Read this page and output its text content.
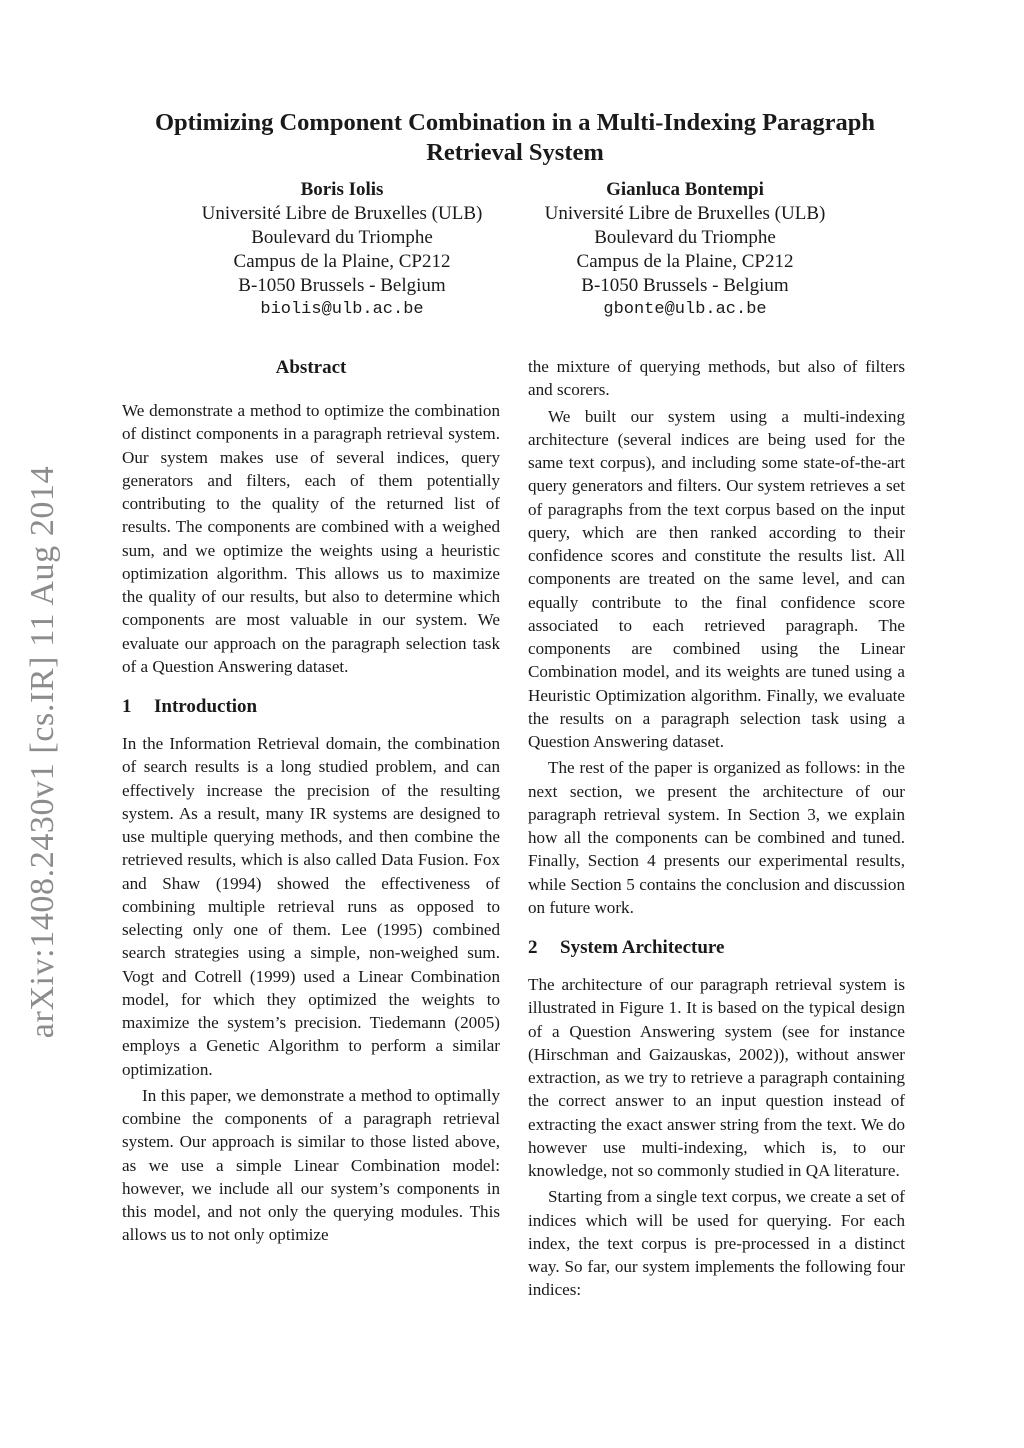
arXiv:1408.2430v1 [cs.IR] 11 Aug 2014
Optimizing Component Combination in a Multi-Indexing Paragraph Retrieval System
Boris Iolis
Université Libre de Bruxelles (ULB)
Boulevard du Triomphe
Campus de la Plaine, CP212
B-1050 Brussels - Belgium
biolis@ulb.ac.be
Gianluca Bontempi
Université Libre de Bruxelles (ULB)
Boulevard du Triomphe
Campus de la Plaine, CP212
B-1050 Brussels - Belgium
gbonte@ulb.ac.be
Abstract

We demonstrate a method to optimize the combination of distinct components in a paragraph retrieval system. Our system makes use of several indices, query generators and filters, each of them potentially contributing to the quality of the returned list of results. The components are combined with a weighed sum, and we optimize the weights using a heuristic optimization algorithm. This allows us to maximize the quality of our results, but also to determine which components are most valuable in our system. We evaluate our approach on the paragraph selection task of a Question Answering dataset.

1 Introduction

In the Information Retrieval domain, the combination of search results is a long studied problem, and can effectively increase the precision of the resulting system. As a result, many IR systems are designed to use multiple querying methods, and then combine the retrieved results, which is also called Data Fusion. Fox and Shaw (1994) showed the effectiveness of combining multiple retrieval runs as opposed to selecting only one of them. Lee (1995) combined search strategies using a simple, non-weighed sum. Vogt and Cotrell (1999) used a Linear Combination model, for which they optimized the weights to maximize the system’s precision. Tiedemann (2005) employs a Genetic Algorithm to perform a similar optimization.

In this paper, we demonstrate a method to optimally combine the components of a paragraph retrieval system. Our approach is similar to those listed above, as we use a simple Linear Combination model: however, we include all our system’s components in this model, and not only the querying modules. This allows us to not only optimize

the mixture of querying methods, but also of filters and scorers.

We built our system using a multi-indexing architecture (several indices are being used for the same text corpus), and including some state-of-the-art query generators and filters. Our system retrieves a set of paragraphs from the text corpus based on the input query, which are then ranked according to their confidence scores and constitute the results list. All components are treated on the same level, and can equally contribute to the final confidence score associated to each retrieved paragraph. The components are combined using the Linear Combination model, and its weights are tuned using a Heuristic Optimization algorithm. Finally, we evaluate the results on a paragraph selection task using a Question Answering dataset.

The rest of the paper is organized as follows: in the next section, we present the architecture of our paragraph retrieval system. In Section 3, we explain how all the components can be combined and tuned. Finally, Section 4 presents our experimental results, while Section 5 contains the conclusion and discussion on future work.

2 System Architecture

The architecture of our paragraph retrieval system is illustrated in Figure 1. It is based on the typical design of a Question Answering system (see for instance (Hirschman and Gaizauskas, 2002)), without answer extraction, as we try to retrieve a paragraph containing the correct answer to an input question instead of extracting the exact answer string from the text. We do however use multi-indexing, which is, to our knowledge, not so commonly studied in QA literature.

Starting from a single text corpus, we create a set of indices which will be used for querying. For each index, the text corpus is pre-processed in a distinct way. So far, our system implements the following four indices:
